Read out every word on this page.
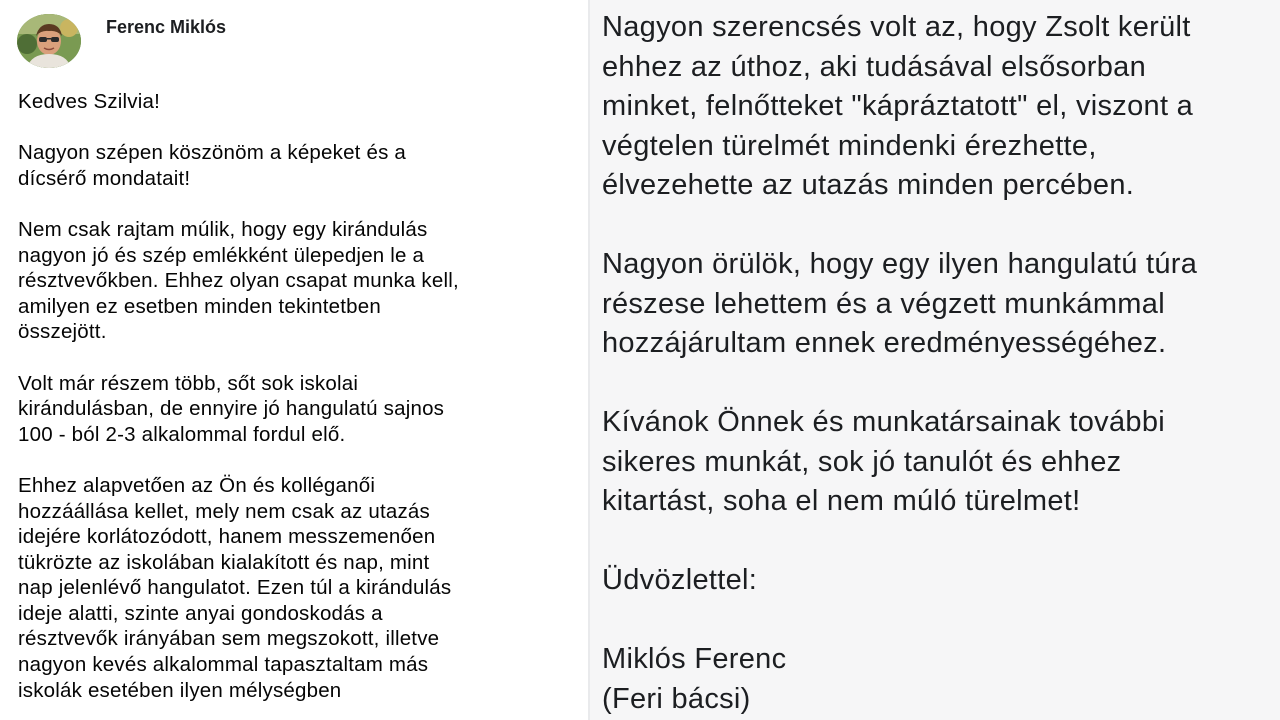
Ferenc Miklós

Kedves Szilvia!

Nagyon szépen köszönöm a képeket és a
dícsérő mondatait!

Nem csak rajtam múlik, hogy egy kirándulás
nagyon jó és szép emlékként ülepedjen le a
résztvevőkben. Ehhez olyan csapat munka kell,
amilyen ez esetben minden tekintetben
összejött.

Volt már részem több, sőt sok iskolai
kirándulásban, de ennyire jó hangulatú sajnos
100 - ból 2-3 alkalommal fordul elő.

Ehhez alapvetően az Ön és kolléganői
hozzáállása kellet, mely nem csak az utazás
idejére korlátozódott, hanem messzemenően
tükrözte az iskolában kialakított és nap, mint
nap jelenlévő hangulatot. Ezen túl a kirándulás
ideje alatti, szinte anyai gondoskodás a
résztvevők irányában sem megszokott, illetve
nagyon kevés alkalommal tapasztaltam más
iskolák esetében ilyen mélységben

Nagyon szerencsés volt az, hogy Zsolt került
ehhez az úthoz, aki tudásával elsősorban
minket, felnőtteket "kápráztatott" el, viszont a
végtelen türelmét mindenki érezhette,
élvezehette az utazás minden percében.

Nagyon örülök, hogy egy ilyen hangulatú túra
részese lehettem és a végzett munkámmal
hozzájárultam ennek eredményességéhez.

Kívánok Önnek és munkatársainak további
sikeres munkát, sok jó tanulót és ehhez
kitartást, soha el nem múló türelmet!

Üdvözlettel:

Miklós Ferenc
(Feri bácsi)
